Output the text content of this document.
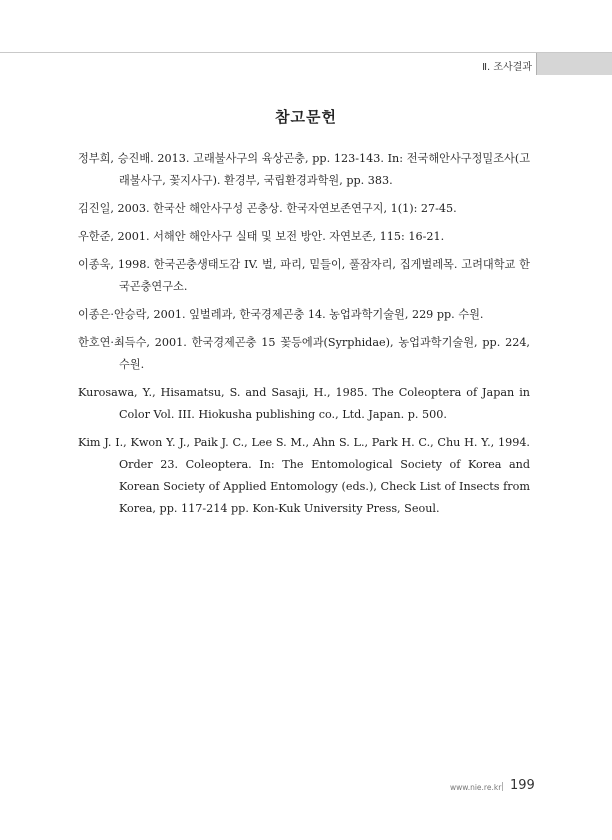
Ⅱ. 조사결과
참고문헌
정부희, 승진배. 2013. 고래불사구의 육상곤충, pp. 123-143. In: 전국해안사구정밀조사(고래불사구, 꽃지사구). 환경부, 국립환경과학원, pp. 383.
김진일, 2003. 한국산 해안사구성 곤충상. 한국자연보존연구지, 1(1): 27-45.
우한준, 2001. 서해안 해안사구 실태 및 보전 방안. 자연보존, 115: 16-21.
이종욱, 1998. 한국곤충생태도감 IV. 벌, 파리, 밑들이, 풀잠자리, 집게벌레목. 고려대학교 한국곤충연구소.
이종은·안승락, 2001. 잎벌레과, 한국경제곤충 14. 농업과학기술원, 229 pp. 수원.
한호연·최득수, 2001. 한국경제곤충 15 꽃등에과(Syrphidae), 농업과학기술원, pp. 224, 수원.
Kurosawa, Y., Hisamatsu, S. and Sasaji, H., 1985. The Coleoptera of Japan in Color Vol. III. Hiokusha publishing co., Ltd. Japan. p. 500.
Kim J. I., Kwon Y. J., Paik J. C., Lee S. M., Ahn S. L., Park H. C., Chu H. Y., 1994. Order 23. Coleoptera. In: The Entomological Society of Korea and Korean Society of Applied Entomology (eds.), Check List of Insects from Korea, pp. 117-214 pp. Kon-Kuk University Press, Seoul.
www.nie.re.kr | 199
